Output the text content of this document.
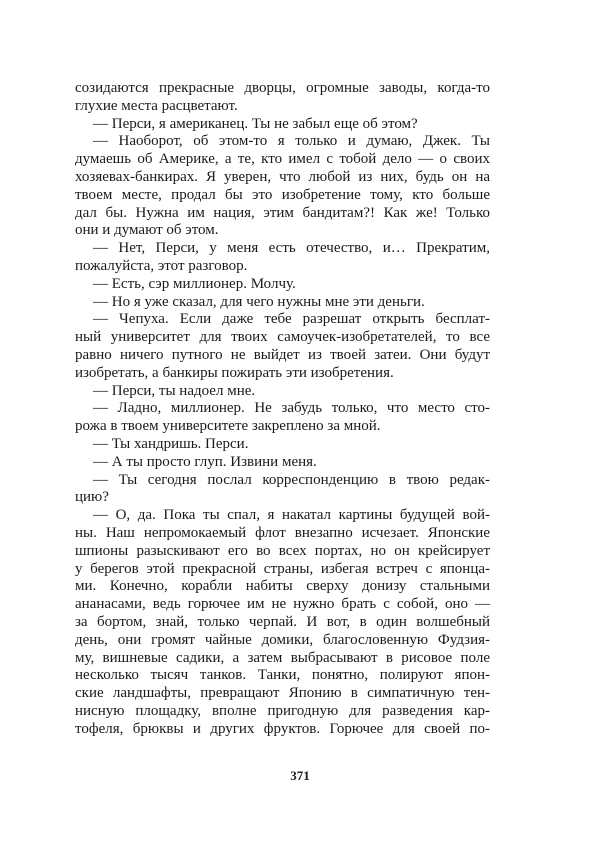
созидаются прекрасные дворцы, огромные заводы, когда-то
глухие места расцветают.
— Перси, я американец. Ты не забыл еще об этом?
— Наоборот, об этом-то я только и думаю, Джек. Ты
думаешь об Америке, а те, кто имел с тобой дело — о своих
хозяевах-банкирах. Я уверен, что любой из них, будь он на
твоем месте, продал бы это изобретение тому, кто больше
дал бы. Нужна им нация, этим бандитам?! Как же! Только
они и думают об этом.
— Нет, Перси, у меня есть отечество, и… Прекратим,
пожалуйста, этот разговор.
— Есть, сэр миллионер. Молчу.
— Но я уже сказал, для чего нужны мне эти деньги.
— Чепуха. Если даже тебе разрешат открыть бесплат-
ный университет для твоих самоучек-изобретателей, то все
равно ничего путного не выйдет из твоей затеи. Они будут
изобретать, а банкиры пожирать эти изобретения.
— Перси, ты надоел мне.
— Ладно, миллионер. Не забудь только, что место сто-
рожа в твоем университете закреплено за мной.
— Ты хандришь. Перси.
— А ты просто глуп. Извини меня.
— Ты сегодня послал корреспонденцию в твою редак-
цию?
— О, да. Пока ты спал, я накатал картины будущей вой-
ны. Наш непромокаемый флот внезапно исчезает. Японские
шпионы разыскивают его во всех портах, но он крейсирует
у берегов этой прекрасной страны, избегая встреч с японца-
ми. Конечно, корабли набиты сверху донизу стальными
ананасами, ведь горючее им не нужно брать с собой, оно —
за бортом, знай, только черпай. И вот, в один волшебный
день, они громят чайные домики, благословенную Фудзия-
му, вишневые садики, а затем выбрасывают в рисовое поле
несколько тысяч танков. Танки, понятно, полируют япон-
ские ландшафты, превращают Японию в симпатичную тен-
нисную площадку, вполне пригодную для разведения кар-
тофеля, брюквы и других фруктов. Горючее для своей по-
371
